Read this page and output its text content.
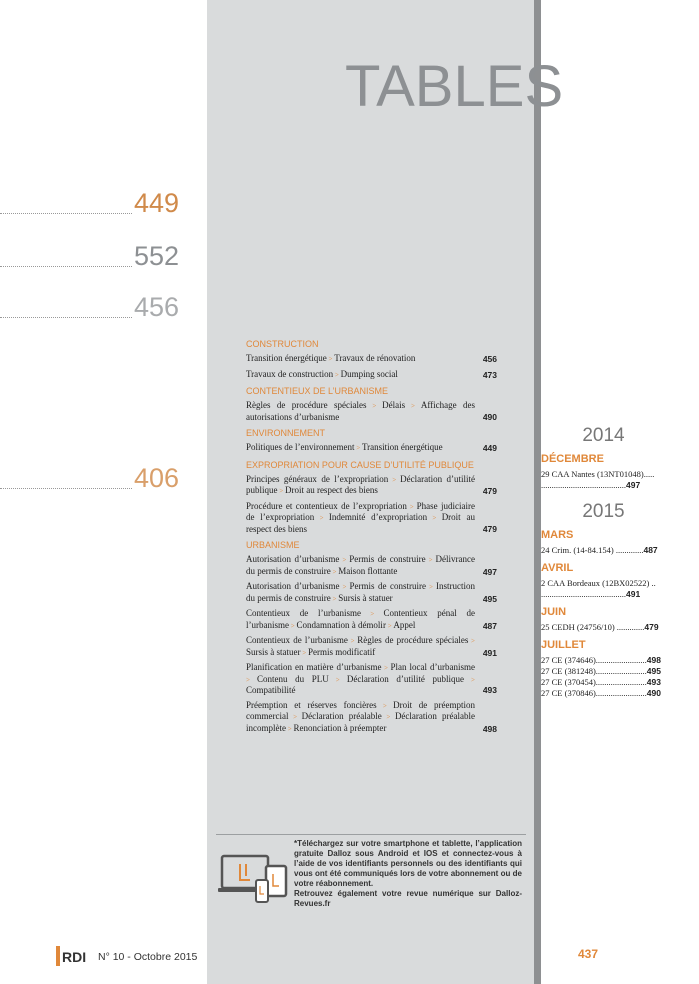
TABLES
449
552
456
406
CONSTRUCTION
Transition énergétique > Travaux de rénovation	456
Travaux de construction > Dumping social	473
CONTENTIEUX DE L’URBANISME
Règles de procédure spéciales > Délais > Affichage des autorisations d’urbanisme	490
ENVIRONNEMENT
Politiques de l’environnement > Transition énergétique	449
EXPROPRIATION POUR CAUSE D’UTILITÉ PUBLIQUE
Principes généraux de l’expropriation > Déclaration d’utilité publique > Droit au respect des biens	479
Procédure et contentieux de l’expropriation > Phase judiciaire de l’expropriation > Indemnité d’expropriation > Droit au respect des biens	479
URBANISME
Autorisation d’urbanisme > Permis de construire > Délivrance du permis de construire > Maison flottante	497
Autorisation d’urbanisme > Permis de construire > Instruction du permis de construire > Sursis à statuer	495
Contentieux de l’urbanisme > Contentieux pénal de l’urbanisme > Condamnation à démolir > Appel	487
Contentieux de l’urbanisme > Règles de procédure spéciales > Sursis à statuer > Permis modificatif	491
Planification en matière d’urbanisme > Plan local d’urbanisme > Contenu du PLU > Déclaration d’utilité publique > Compatibilité	493
Préemption et réserves foncières > Droit de préemption commercial > Déclaration préalable > Déclaration préalable incomplète > Renonciation à préempter	498
2014
DÉCEMBRE
29 CAA Nantes (13NT01048).....
........................................497
2015
MARS
24 Crim. (14-84.154) .............487
AVRIL
2 CAA Bordeaux (12BX02522) ..
........................................491
JUIN
25 CEDH (24756/10) .............479
JUILLET
27 CE (374646)........................498
27 CE (381248)........................495
27 CE (370454)........................493
27 CE (370846)........................490
*Téléchargez sur votre smartphone et tablette, l’application gratuite Dalloz sous Android et IOS et connectez-vous à l’aide de vos identifiants personnels ou des identifiants qui vous ont été communiqués lors de votre abonnement ou de votre réabonnement.
Retrouvez également votre revue numérique sur Dalloz-Revues.fr
RDI N° 10 - Octobre 2015	437
